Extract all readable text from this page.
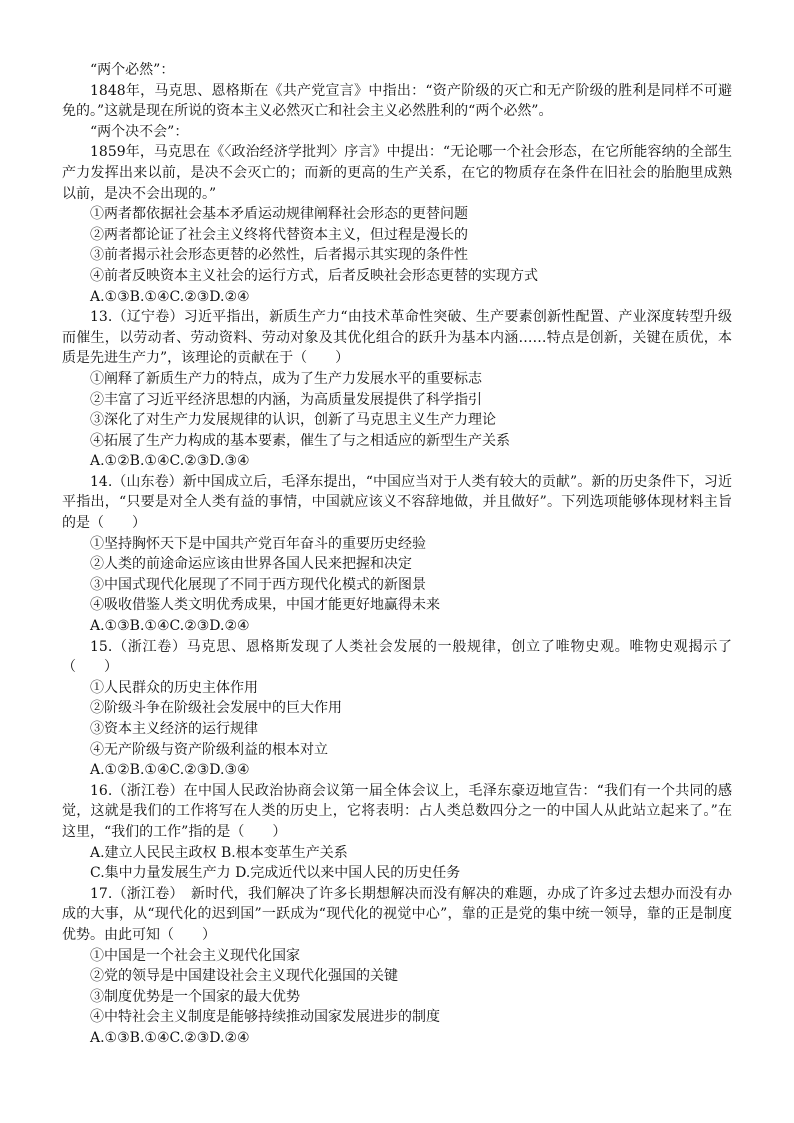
“两个必然”：

1848年，马克思、恩格斯在《共产党宣言》中指出：“资产阶级的灭亡和无产阶级的胜利是同样不可避免的。”这就是现在所说的资本主义必然灭亡和社会主义必然胜利的“两个必然”。

“两个决不会”：

1859年，马克思在《〈政治经济学批判〉序言》中提出：“无论哪一个社会形态，在它所能容纳的全部生产力发挥出来以前，是决不会灭亡的；而新的更高的生产关系，在它的物质存在条件在旧社会的胎胞里成熟以前，是决不会出现的。”

①两者都依据社会基本矛盾运动规律阐释社会形态的更替问题

②两者都论证了社会主义终将代替资本主义，但过程是漫长的

③前者揭示社会形态更替的必然性，后者揭示其实现的条件性

④前者反映资本主义社会的运行方式，后者反映社会形态更替的实现方式

A.①③B.①④C.②③D.②④

13.（辽宁卷）习近平指出，新质生产力“由技术革命性突破、生产要素创新性配置、产业深度转型升级而催生，以劳动者、劳动资料、劳动对象及其优化组合的跃升为基本内涵……特点是创新，关键在质优，本质是先进生产力”，该理论的贡献在于（　　）

①阐释了新质生产力的特点，成为了生产力发展水平的重要标志

②丰富了习近平经济思想的内涵，为高质量发展提供了科学指引

③深化了对生产力发展规律的认识，创新了马克思主义生产力理论

④拓展了生产力构成的基本要素，催生了与之相适应的新型生产关系

A.①②B.①④C.②③D.③④

14.（山东卷）新中国成立后，毛泽东提出，“中国应当对于人类有较大的贡献”。新的历史条件下，习近平指出，“只要是对全人类有益的事情，中国就应该义不容辞地做，并且做好”。下列选项能够体现材料主旨的是（　　）

①坚持胸怀天下是中国共产党百年奋斗的重要历史经验

②人类的前途命运应该由世界各国人民来把握和决定

③中国式现代化展现了不同于西方现代化模式的新图景

④吸收借鉴人类文明优秀成果，中国才能更好地赢得未来

A.①③B.①④C.②③D.②④

15.（浙江卷）马克思、恩格斯发现了人类社会发展的一般规律，创立了唯物史观。唯物史观揭示了（　　）

①人民群众的历史主体作用

②阶级斗争在阶级社会发展中的巨大作用

③资本主义经济的运行规律

④无产阶级与资产阶级利益的根本对立

A.①②B.①④C.②③D.③④

16.（浙江卷）在中国人民政治协商会议第一届全体会议上，毛泽东豪迈地宣告：“我们有一个共同的感觉，这就是我们的工作将写在人类的历史上，它将表明：占人类总数四分之一的中国人从此站立起来了。”在这里，“我们的工作”指的是（　　）

A.建立人民民主政权 B.根本变革生产关系

C.集中力量发展生产力 D.完成近代以来中国人民的历史任务

17.（浙江卷）　新时代，我们解决了许多长期想解决而没有解决的难题，办成了许多过去想办而没有办成的大事，从“现代化的迟到国”一跃成为“现代化的视觉中心”，靠的正是党的集中统一领导，靠的正是制度优势。由此可知（　　）

①中国是一个社会主义现代化国家

②党的领导是中国建设社会主义现代化强国的关键

③制度优势是一个国家的最大优势

④中特社会主义制度是能够持续推动国家发展进步的制度

A.①③B.①④C.②③D.②④
